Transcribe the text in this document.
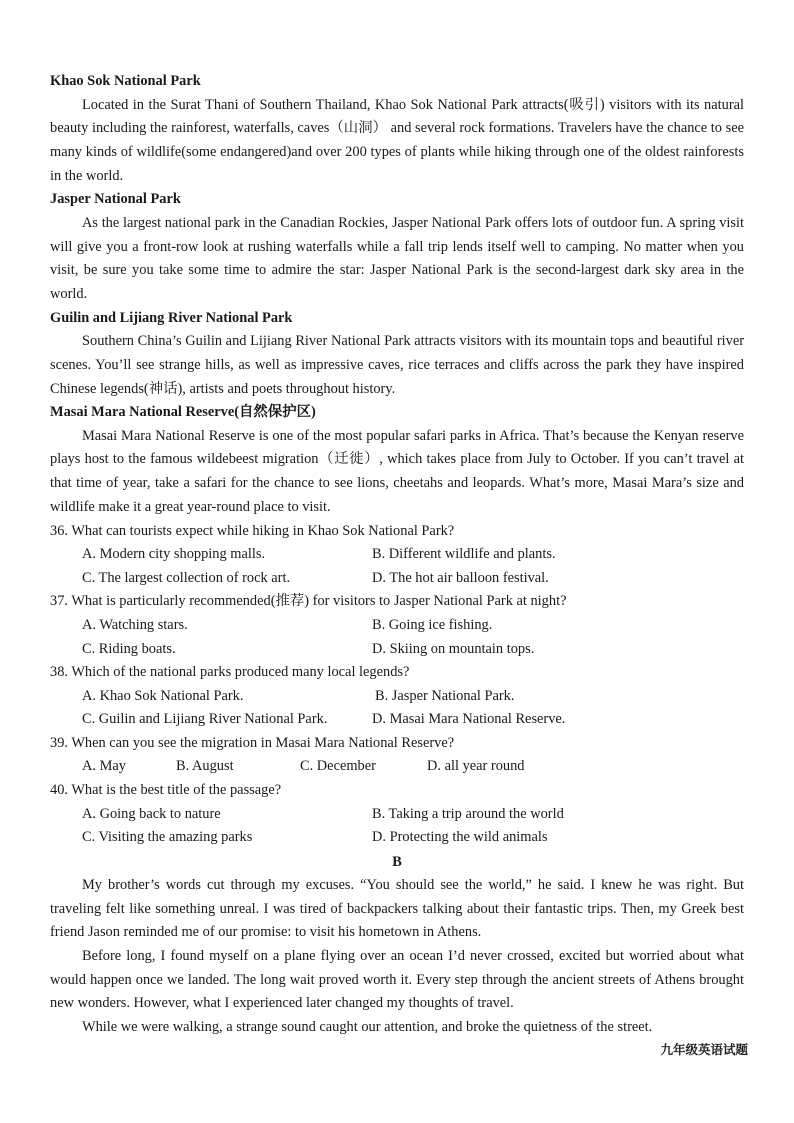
Khao Sok National Park

Located in the Surat Thani of Southern Thailand, Khao Sok National Park attracts(吸引) visitors with its natural beauty including the rainforest, waterfalls, caves（山洞） and several rock formations. Travelers have the chance to see many kinds of wildlife(some endangered)and over 200 types of plants while hiking through one of the oldest rainforests in the world.

Jasper National Park

As the largest national park in the Canadian Rockies, Jasper National Park offers lots of outdoor fun. A spring visit will give you a front-row look at rushing waterfalls while a fall trip lends itself well to camping. No matter when you visit, be sure you take some time to admire the star: Jasper National Park is the second-largest dark sky area in the world.

Guilin and Lijiang River National Park

Southern China’s Guilin and Lijiang River National Park attracts visitors with its mountain tops and beautiful river scenes. You’ll see strange hills, as well as impressive caves, rice terraces and cliffs across the park they have inspired Chinese legends(神话), artists and poets throughout history.

Masai Mara National Reserve(自然保护区)

Masai Mara National Reserve is one of the most popular safari parks in Africa. That’s because the Kenyan reserve plays host to the famous wildebeest migration（迁徙）, which takes place from July to October. If you can’t travel at that time of year, take a safari for the chance to see lions, cheetahs and leopards. What’s more, Masai Mara’s size and wildlife make it a great year-round place to visit.

36. What can tourists expect while hiking in Khao Sok National Park?
A. Modern city shopping malls.	B. Different wildlife and plants.
C. The largest collection of rock art.	D. The hot air balloon festival.
37. What is particularly recommended(推荐) for visitors to Jasper National Park at night?
A. Watching stars.	B. Going ice fishing.
C. Riding boats.	D. Skiing on mountain tops.
38. Which of the national parks produced many local legends?
A. Khao Sok National Park.	B. Jasper National Park.
C. Guilin and Lijiang River National Park.	D. Masai Mara National Reserve.
39. When can you see the migration in Masai Mara National Reserve?
A. May	B. August	C. December	D. all year round
40. What is the best title of the passage?
A. Going back to nature	B. Taking a trip around the world
C. Visiting the amazing parks	D. Protecting the wild animals
B

My brother’s words cut through my excuses. “You should see the world,” he said. I knew he was right. But traveling felt like something unreal. I was tired of backpackers talking about their fantastic trips. Then, my Greek best friend Jason reminded me of our promise: to visit his hometown in Athens.

Before long, I found myself on a plane flying over an ocean I’d never crossed, excited but worried about what would happen once we landed. The long wait proved worth it. Every step through the ancient streets of Athens brought new wonders. However, what I experienced later changed my thoughts of travel.

While we were walking, a strange sound caught our attention, and broke the quietness of the street.

九年级英语试题
